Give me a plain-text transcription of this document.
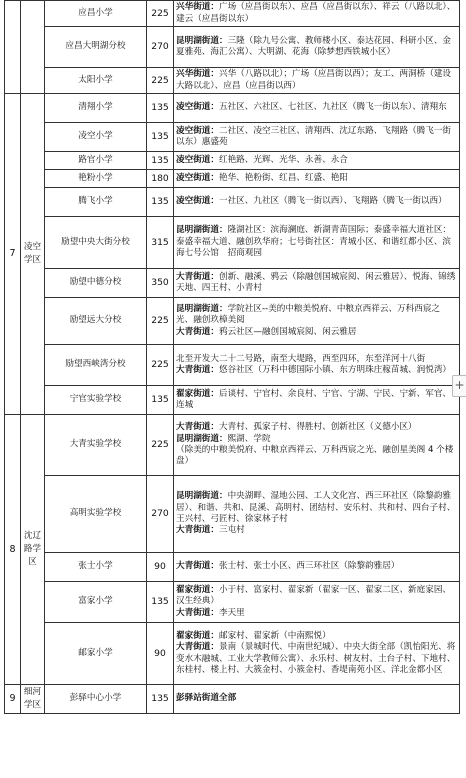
		应昌小学	225	兴华街道：广场（应昌街以东）、应昌（应昌街以东）、祥云（八路以北）、建云（应昌街以东）

		应昌大明湖分校	270	昆明湖街道：三隆（除九号公寓、教师楼小区、泰达花园、科研小区、金夏雅苑、海汇公寓）、大明湖、花海（除梦想西铁城小区）

		太阳小学	225	兴华街道：兴华（八路以北）；广场（应昌街以西）；友工、两洞桥（建设大路以北）、应昌（应昌街以西）

7	凌空学区	清翔小学	135	凌空街道：五社区、六社区、七社区、九社区（腾飞一街以东）、清翔东

		凌空小学	135	凌空街道：二社区、凌空三社区、清翔西、沈辽东路、飞翔路（腾飞一街以东）惠盛苑

		路官小学	135	凌空街道：红艳路、光辉、光华、永善、永合

		艳粉小学	180	凌空街道：艳华、艳粉街、红昌、红盛、艳阳

		腾飞小学	135	凌空街道：一社区、九社区（腾飞一街以西）、飞翔路（腾飞一街以西）

		励望中央大街分校	315	昆明湖街道：隆湖社区：滨海澜庭、新湖青苗国际；泰盛幸福大道社区：泰盛幸福大道、融创玖华府；七号街社区：青城小区、和谐红都小区、滨海七号公馆　招商观园

		励望中德分校	350	大青街道：创新、融溪、鸦云（除融创国城宸阅、闲云雅居）、悦海、锦绣天地、四王村、小青村

		励望远大分校	225	昆明湖街道：学院社区--美的中粮美悦府、中粮京西祥云、万科西宸之光、融创玖樟美阅
大青街道：鸦云社区—融创国城宸阅、闲云雅居

		励望西峡湾分校	225	北至开发大二十二号路，南至大堤路，西至四环，东至洋河十八街
大青街道：悠谷社区（万科中德国际小镇、东方明珠庄稼苗城、润悦湾）

		宁官实验学校	135	翟家街道：后谈村、宁官村、余良村、宁官、宁湖、宁民、宁新、军官、连城

8	沈辽路学区	大青实验学校	225	大青街道：大青村、孤家子村、得胜村、创新社区（义德小区）
昆明湖街道：熙湖、学院
（除美的中粮美悦府、中粮京西祥云、万科西宸之光、融创星美阁 4 个楼盘）

		高明实验学校	270	昆明湖街道：中央湖畔、湿地公园、工人文化宫、西三环社区（除黎韵雅居）、和谐、共和、昆溪、高明村、团结村、安乐村、共和村、四台子村、王兴村、弓匠村、徐家林子村
大青街道：三屯村

		张士小学	90	大青街道：张士村、张士小区、西三环社区（除黎韵雅居）

		富家小学	135	翟家街道：小于村、富家村、翟家新（翟家一区、翟家二区、新庭家园、汉生经典）
大青街道：李天里

		邮家小学	90	翟家街道：邮家村、翟家新（中南熙悦）
大青街道：景南（景城时代、中南世纪城）、中央大街全部（凯怡阳光、将变水木融城、工业大学教师公寓）、永乐村、树友村、土台子村、下地村、东桂村、楼上村、大簇金村、小簇金村、香堤南苑小区、洋北金都小区

9	细河学区	彭驿中心小学	135	彭驿站街道全部
+
